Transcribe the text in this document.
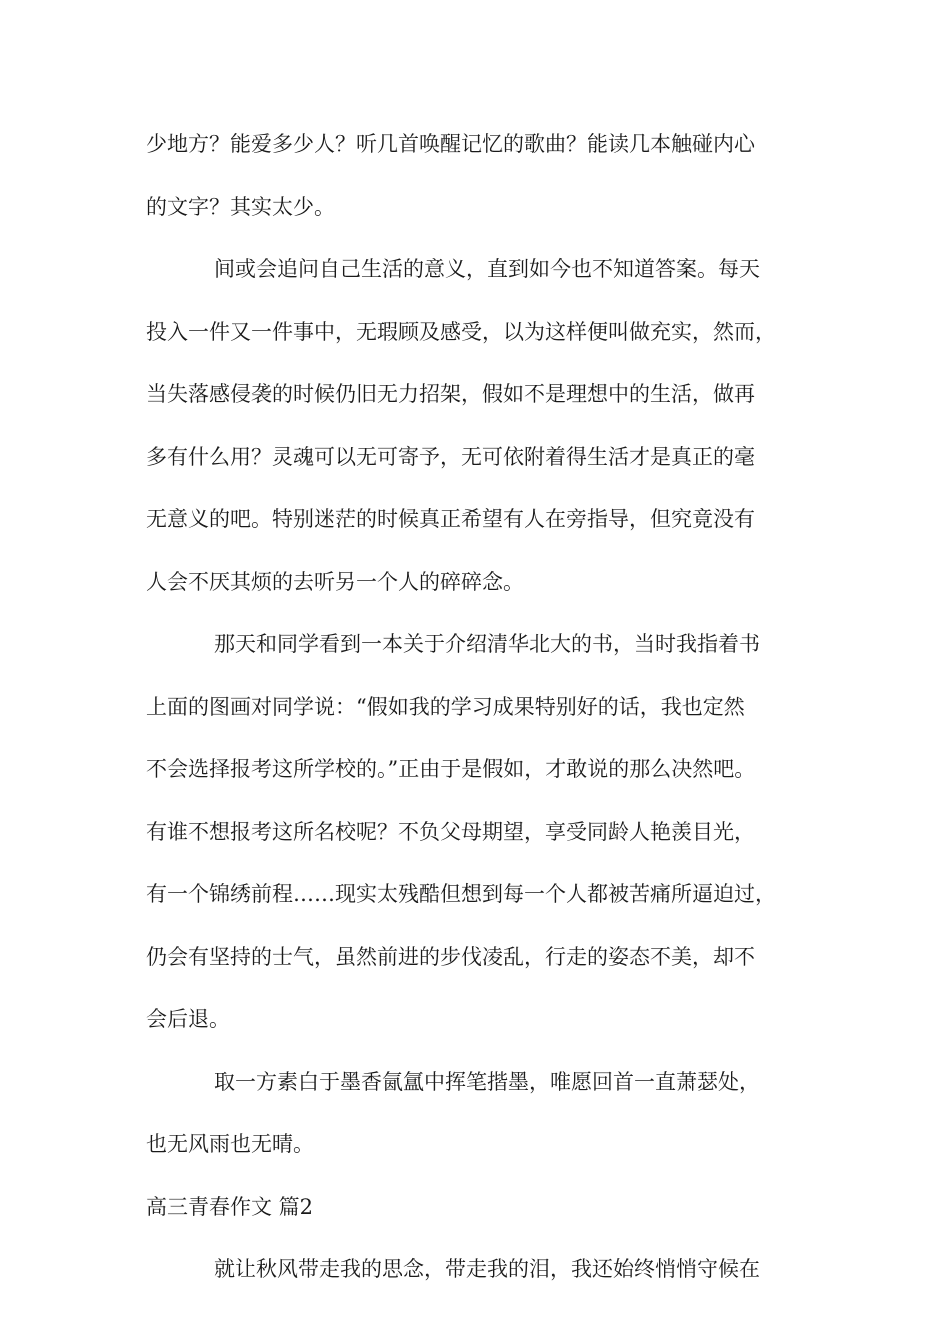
少地方？能爱多少人？听几首唤醒记忆的歌曲？能读几本触碰内心
的文字？其实太少。
间或会追问自己生活的意义，直到如今也不知道答案。每天
投入一件又一件事中，无瑕顾及感受，以为这样便叫做充实，然而，
当失落感侵袭的时候仍旧无力招架，假如不是理想中的生活，做再
多有什么用？灵魂可以无可寄予，无可依附着得生活才是真正的毫
无意义的吧。特别迷茫的时候真正希望有人在旁指导，但究竟没有
人会不厌其烦的去听另一个人的碎碎念。
那天和同学看到一本关于介绍清华北大的书，当时我指着书
上面的图画对同学说：“假如我的学习成果特别好的话，我也定然
不会选择报考这所学校的。”正由于是假如，才敢说的那么决然吧。
有谁不想报考这所名校呢？不负父母期望，享受同龄人艳羡目光，
有一个锦绣前程……现实太残酷但想到每一个人都被苦痛所逼迫过，
仍会有坚持的士气，虽然前进的步伐凌乱，行走的姿态不美，却不
会后退。
取一方素白于墨香氤氲中挥笔揩墨，唯愿回首一直萧瑟处，
也无风雨也无晴。
高三青春作文 篇2
就让秋风带走我的思念，带走我的泪，我还始终悄悄守候在
